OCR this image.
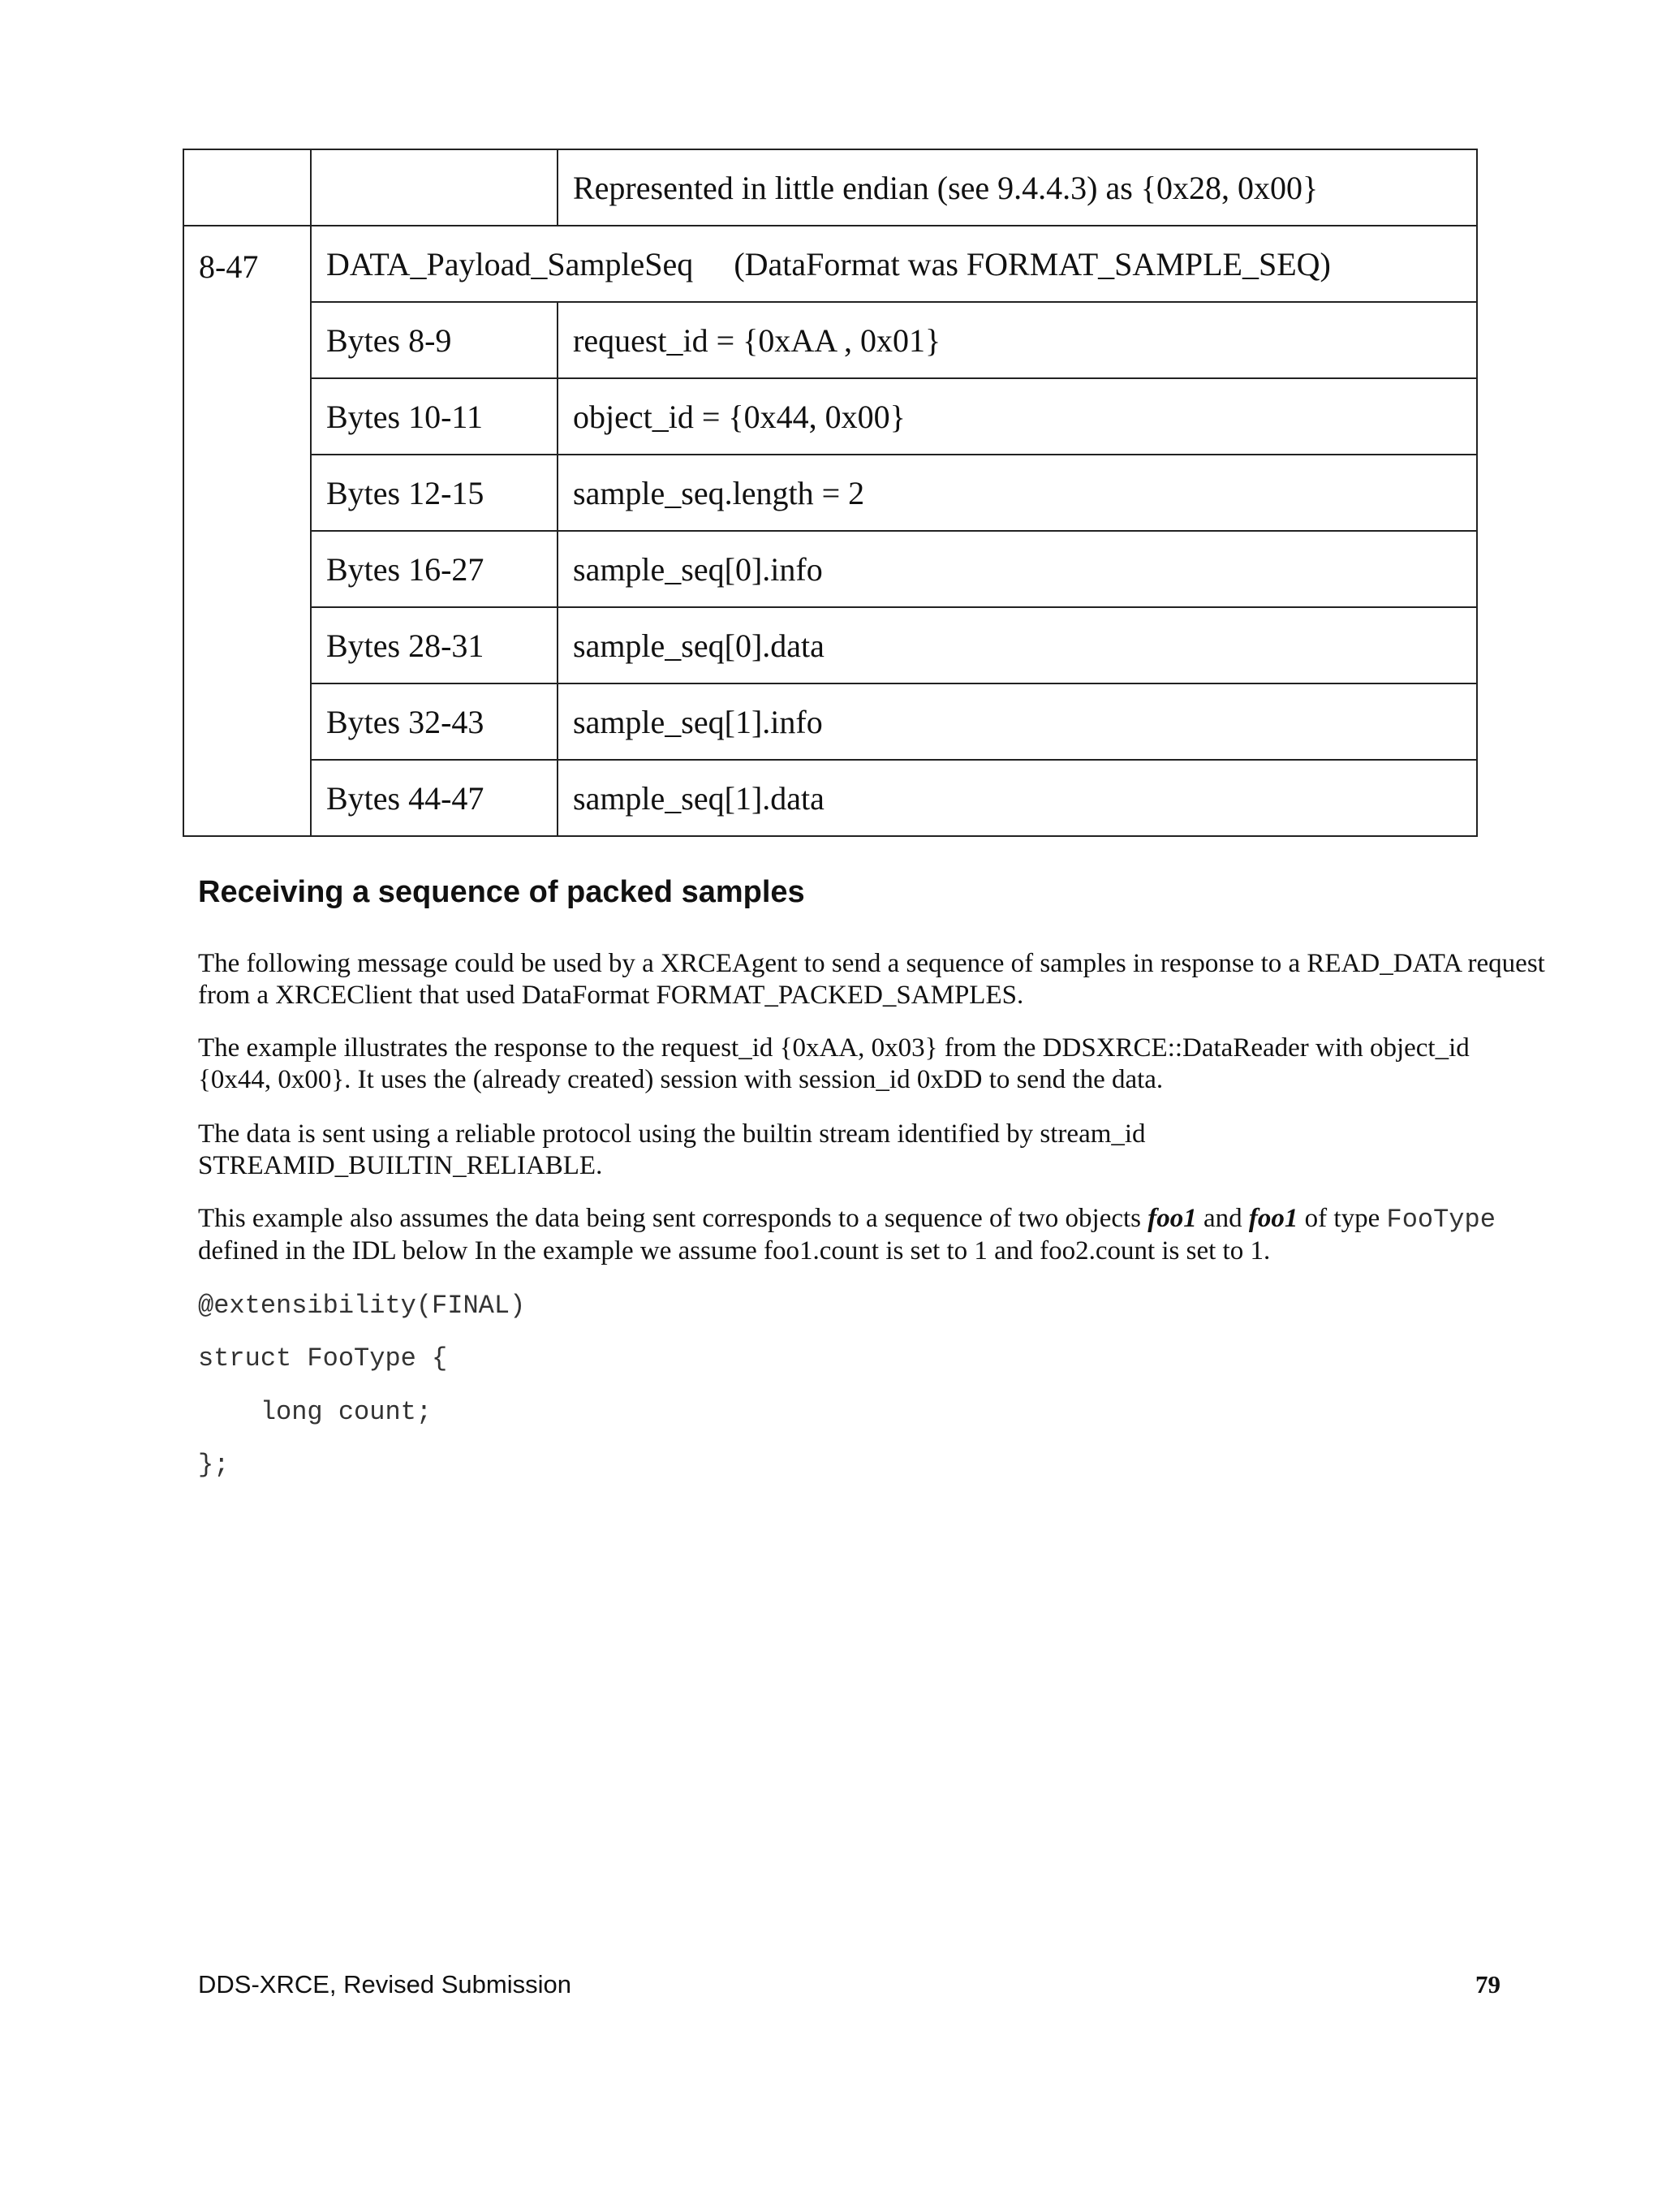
		Represented in little endian (see 9.4.4.3) as {0x28, 0x00}
8-47	DATA_Payload_SampleSeq (DataFormat was FORMAT_SAMPLE_SEQ)	
	Bytes 8-9	request_id = {0xAA , 0x01}
	Bytes 10-11	object_id = {0x44, 0x00}
	Bytes 12-15	sample_seq.length = 2
	Bytes 16-27	sample_seq[0].info
	Bytes 28-31	sample_seq[0].data
	Bytes 32-43	sample_seq[1].info
	Bytes 44-47	sample_seq[1].data
Receiving a sequence of packed samples

The following message could be used by a XRCEAgent to send a sequence of samples in response to a READ_DATA request from a XRCEClient that used DataFormat FORMAT_PACKED_SAMPLES.

The example illustrates the response to the request_id {0xAA, 0x03} from the DDSXRCE::DataReader with object_id {0x44, 0x00}. It uses the (already created) session with session_id 0xDD to send the data.

The data is sent using a reliable protocol using the builtin stream identified by stream_id STREAMID_BUILTIN_RELIABLE.

This example also assumes the data being sent corresponds to a sequence of two objects foo1 and foo1 of type FooType defined in the IDL below In the example we assume foo1.count is set to 1 and foo2.count is set to 1.

@extensibility(FINAL)

struct FooType {

long count;

};

DDS-XRCE, Revised Submission	79
